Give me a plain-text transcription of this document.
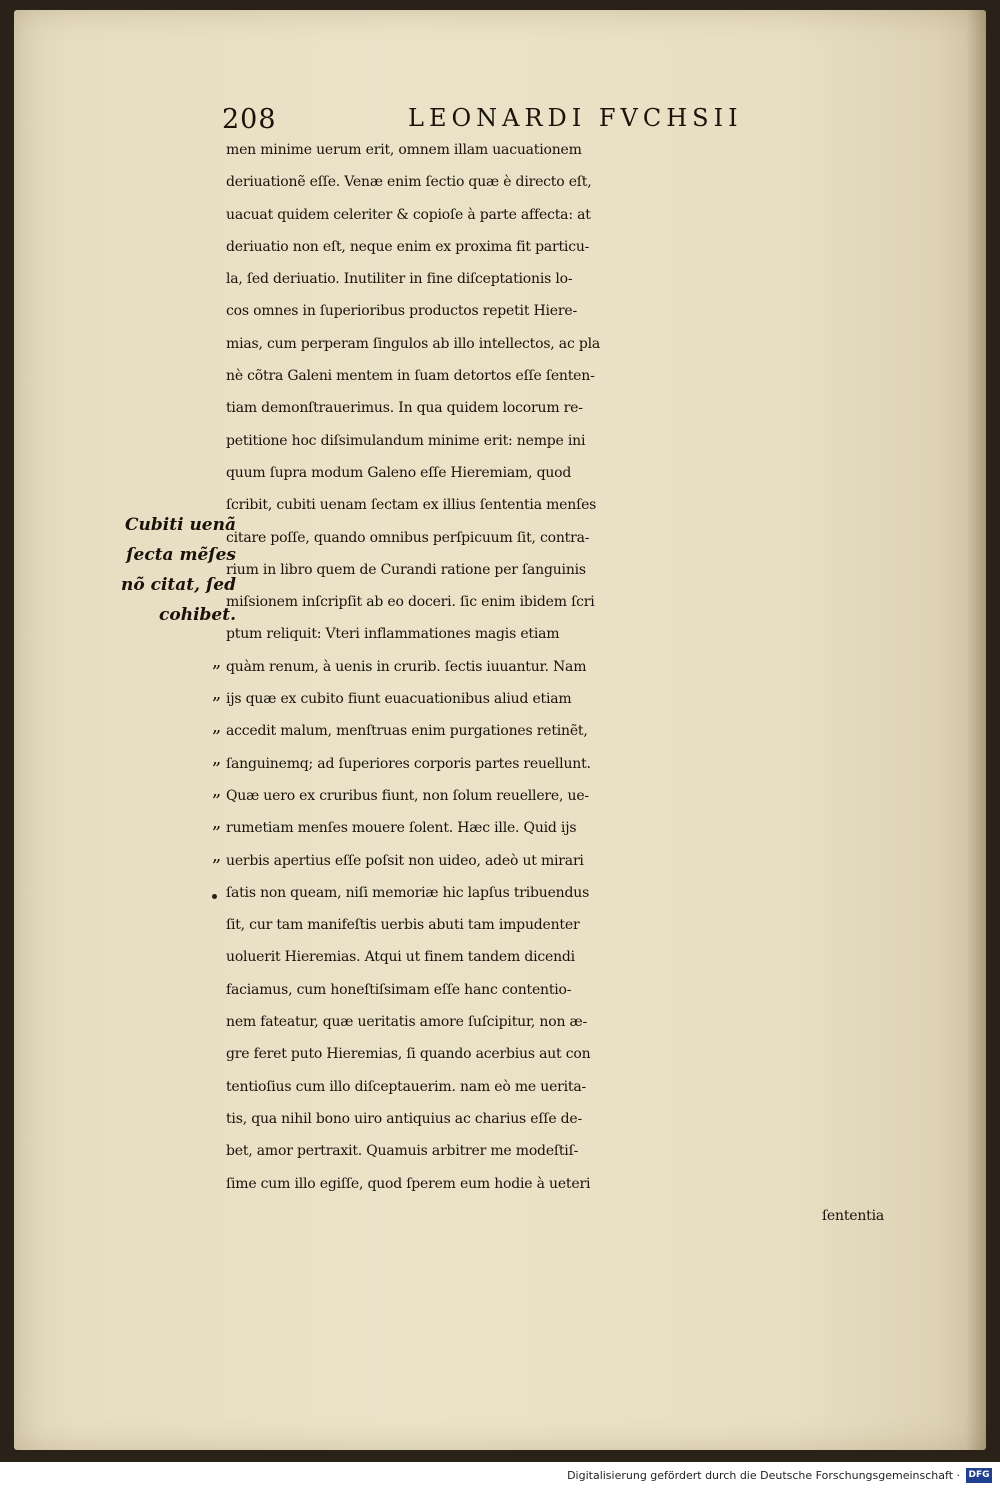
208	LEONARDI FVCHSII
Cubiti uenã
ſecta mẽſes
nõ citat, ſed
cohibet.
„
„
„
„
„
„
„
men minime uerum erit, omnem illam uacuationem
deriuationẽ eſſe. Venæ enim ſectio quæ è directo eſt,
uacuat quidem celeriter & copioſe à parte affecta: at
deriuatio non eſt, neque enim ex proxima fit particu-
la, ſed deriuatio. Inutiliter in fine diſceptationis lo-
cos omnes in ſuperioribus productos repetit Hiere-
mias, cum perperam ſingulos ab illo intellectos, ac pla
nè cõtra Galeni mentem in ſuam detortos eſſe ſenten-
tiam demonſtrauerimus. In qua quidem locorum re-
petitione hoc diſsimulandum minime erit: nempe ini
quum ſupra modum Galeno eſſe Hieremiam, quod
ſcribit, cubiti uenam ſectam ex illius ſententia menſes
citare poſſe, quando omnibus perſpicuum ſit, contra-
rium in libro quem de Curandi ratione per ſanguinis
miſsionem inſcripſit ab eo doceri. ſic enim ibidem ſcri
ptum reliquit: Vteri inflammationes magis etiam
quàm renum, à uenis in crurib. ſectis iuuantur. Nam
ijs quæ ex cubito fiunt euacuationibus aliud etiam
accedit malum, menſtruas enim purgationes retinẽt,
ſanguinemq; ad ſuperiores corporis partes reuellunt.
Quæ uero ex cruribus fiunt, non ſolum reuellere, ue-
rumetiam menſes mouere ſolent. Hæc ille. Quid ijs
uerbis apertius eſſe poſsit non uideo, adeò ut mirari
ſatis non queam, niſi memoriæ hic lapſus tribuendus
ſit, cur tam manifeſtis uerbis abuti tam impudenter
uoluerit Hieremias. Atqui ut finem tandem dicendi
faciamus, cum honeſtiſsimam eſſe hanc contentio-
nem fateatur, quæ ueritatis amore ſuſcipitur, non æ-
gre feret puto Hieremias, ſi quando acerbius aut con
tentioſius cum illo diſceptauerim. nam eò me uerita-
tis, qua nihil bono uiro antiquius ac charius eſſe de-
bet, amor pertraxit. Quamuis arbitrer me modeſtiſ-
ſime cum illo egiſſe, quod ſperem eum hodie à ueteri
ſententia
Digitalisierung gefördert durch die Deutsche Forschungsgemeinschaft · DFG
